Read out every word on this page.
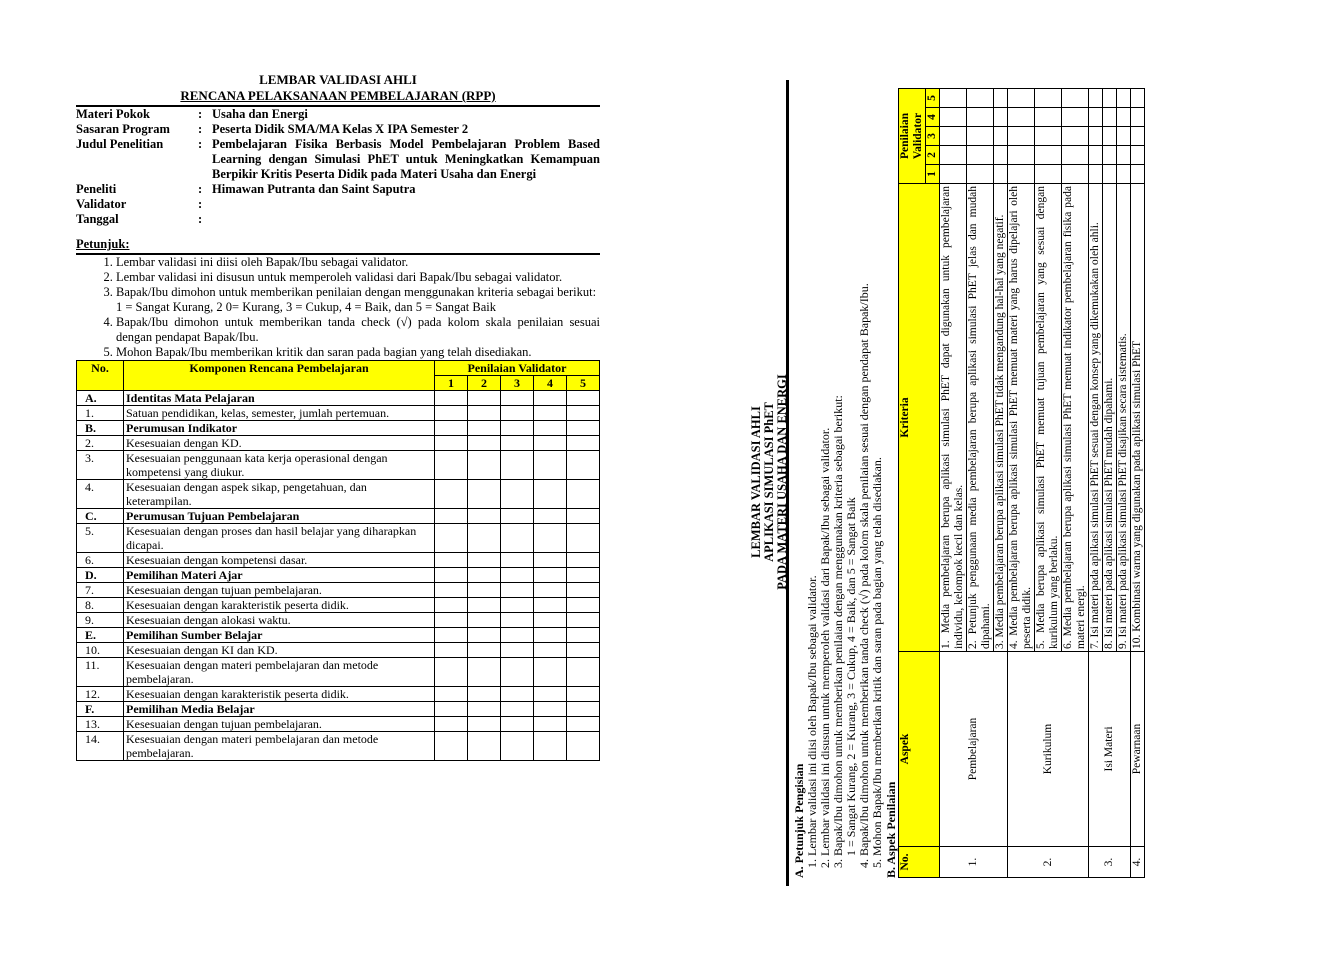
LEMBAR VALIDASI AHLI
RENCANA PELAKSANAAN PEMBELAJARAN (RPP)
Materi Pokok	:	Usaha dan Energi
Sasaran Program	:	Peserta Didik SMA/MA Kelas X IPA Semester 2
Judul Penelitian	:	Pembelajaran Fisika Berbasis Model Pembelajaran Problem Based Learning dengan Simulasi PhET untuk Meningkatkan Kemampuan Berpikir Kritis Peserta Didik pada Materi Usaha dan Energi
Peneliti	:	Himawan Putranta dan Saint Saputra
Validator	:	
Tanggal	:	
Petunjuk:
1. Lembar validasi ini diisi oleh Bapak/Ibu sebagai validator.
2. Lembar validasi ini disusun untuk memperoleh validasi dari Bapak/Ibu sebagai validator.
3. Bapak/Ibu dimohon untuk memberikan penilaian dengan menggunakan kriteria sebagai berikut:
1 = Sangat Kurang, 2 0= Kurang, 3 = Cukup, 4 = Baik, dan 5 = Sangat Baik
4. Bapak/Ibu dimohon untuk memberikan tanda check (√) pada kolom skala penilaian sesuai dengan pendapat Bapak/Ibu.
5. Mohon Bapak/Ibu memberikan kritik dan saran pada bagian yang telah disediakan.
No.	Komponen Rencana Pembelajaran	Penilaian Validator				
		1	2	3	4	5
A.	Identitas Mata Pelajaran					
1.	Satuan pendidikan, kelas, semester, jumlah pertemuan.					
B.	Perumusan Indikator					
2.	Kesesuaian dengan KD.					
3.	Kesesuaian penggunaan kata kerja operasional dengan kompetensi yang diukur.					
4.	Kesesuaian dengan aspek sikap, pengetahuan, dan keterampilan.					
C.	Perumusan Tujuan Pembelajaran					
5.	Kesesuaian dengan proses dan hasil belajar yang diharapkan dicapai.					
6.	Kesesuaian dengan kompetensi dasar.					
D.	Pemilihan Materi Ajar					
7.	Kesesuaian dengan tujuan pembelajaran.					
8.	Kesesuaian dengan karakteristik peserta didik.					
9.	Kesesuaian dengan alokasi waktu.					
E.	Pemilihan Sumber Belajar					
10.	Kesesuaian dengan KI dan KD.					
11.	Kesesuaian dengan materi pembelajaran dan metode pembelajaran.					
12.	Kesesuaian dengan karakteristik peserta didik.					
F.	Pemilihan Media Belajar					
13.	Kesesuaian dengan tujuan pembelajaran.					
14.	Kesesuaian dengan materi pembelajaran dan metode pembelajaran.					
LEMBAR VALIDASI AHLI APLIKASI SIMULASI PhET PADA MATERI USAHA DAN ENERGI
A. Petunjuk Pengisian 1. Lembar validasi ini diisi oleh Bapak/Ibu sebagai validator. 2. Lembar validasi ini disusun untuk memperoleh validasi dari Bapak/Ibu sebagai validator. 3. Bapak/Ibu dimohon untuk memberikan penilaian dengan menggunakan kriteria sebagai berikut:
1 = Sangat Kurang, 2 = Kurang, 3 = Cukup, 4 = Baik, dan 5 = Sangat Baik 4. Bapak/Ibu dimohon untuk memberikan tanda check (√) pada kolom skala penilaian sesuai dengan pendapat Bapak/Ibu. 5. Mohon Bapak/Ibu memberikan kritik dan saran pada bagian yang telah disediakan. B. Aspek Penilaian No.	Aspek	Kriteria	Penilaian Validator				
			1	2	3	4	5
1.	Pembelajaran	1. Media pembelajaran berupa aplikasi simulasi PhET dapat digunakan untuk pembelajaran individu, kelompok kecil dan kelas.					
		2. Petunjuk penggunaan media pembelajaran berupa aplikasi simulasi PhET jelas dan mudah dipahami.					
		3. Media pembelajaran berupa aplikasi simulasi PhET tidak mengandung hal-hal yang negatif.					
2.	Kurikulum	4. Media pembelajaran berupa aplikasi simulasi PhET memuat materi yang harus dipelajari oleh peserta didik.					
		5. Media berupa aplikasi simulasi PhET memuat tujuan pembelajaran yang sesuai dengan kurikulum yang berlaku.					
		6. Media pembelajaran berupa aplikasi simulasi PhET memuat indikator pembelajaran fisika pada materi energi.					
3.	Isi Materi	7. Isi materi pada aplikasi simulasi PhET sesuai dengan konsep yang dikemukakan oleh ahli.					
		8. Isi materi pada aplikasi simulasi PhET mudah dipahami.					
		9. Isi materi pada aplikasi simulasi PhET disajikan secara sistematis.					
4.	Pewarnaan	10. Kombinasi warna yang digunakan pada aplikasi simulasi PhET					
